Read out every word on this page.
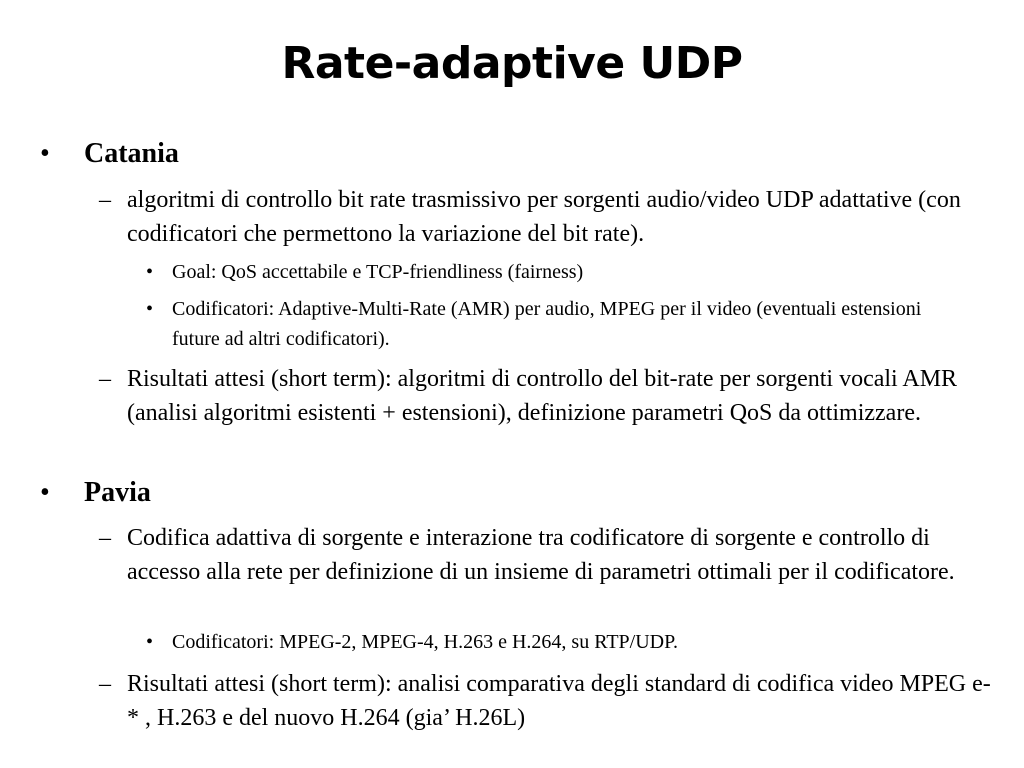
Rate-adaptive UDP
• Catania
– algoritmi di controllo bit rate trasmissivo per sorgenti audio/video UDP adattative (con codificatori che permettono la variazione del bit rate).
• Goal: QoS accettabile e TCP-friendliness (fairness)
• Codificatori: Adaptive-Multi-Rate (AMR) per audio, MPEG per il video (eventuali estensioni future ad altri codificatori).
– Risultati attesi (short term): algoritmi di controllo del bit-rate per sorgenti vocali AMR (analisi algoritmi esistenti + estensioni), definizione parametri QoS da ottimizzare.
• Pavia
– Codifica adattiva di sorgente e interazione tra codificatore di sorgente e controllo di accesso alla rete per definizione di un insieme di parametri ottimali per il codificatore.
• Codificatori: MPEG-2, MPEG-4, H.263 e H.264, su RTP/UDP.
– Risultati attesi (short term): analisi comparativa degli standard di codifica video MPEG e-* , H.263 e del nuovo H.264 (gia’ H.26L)
